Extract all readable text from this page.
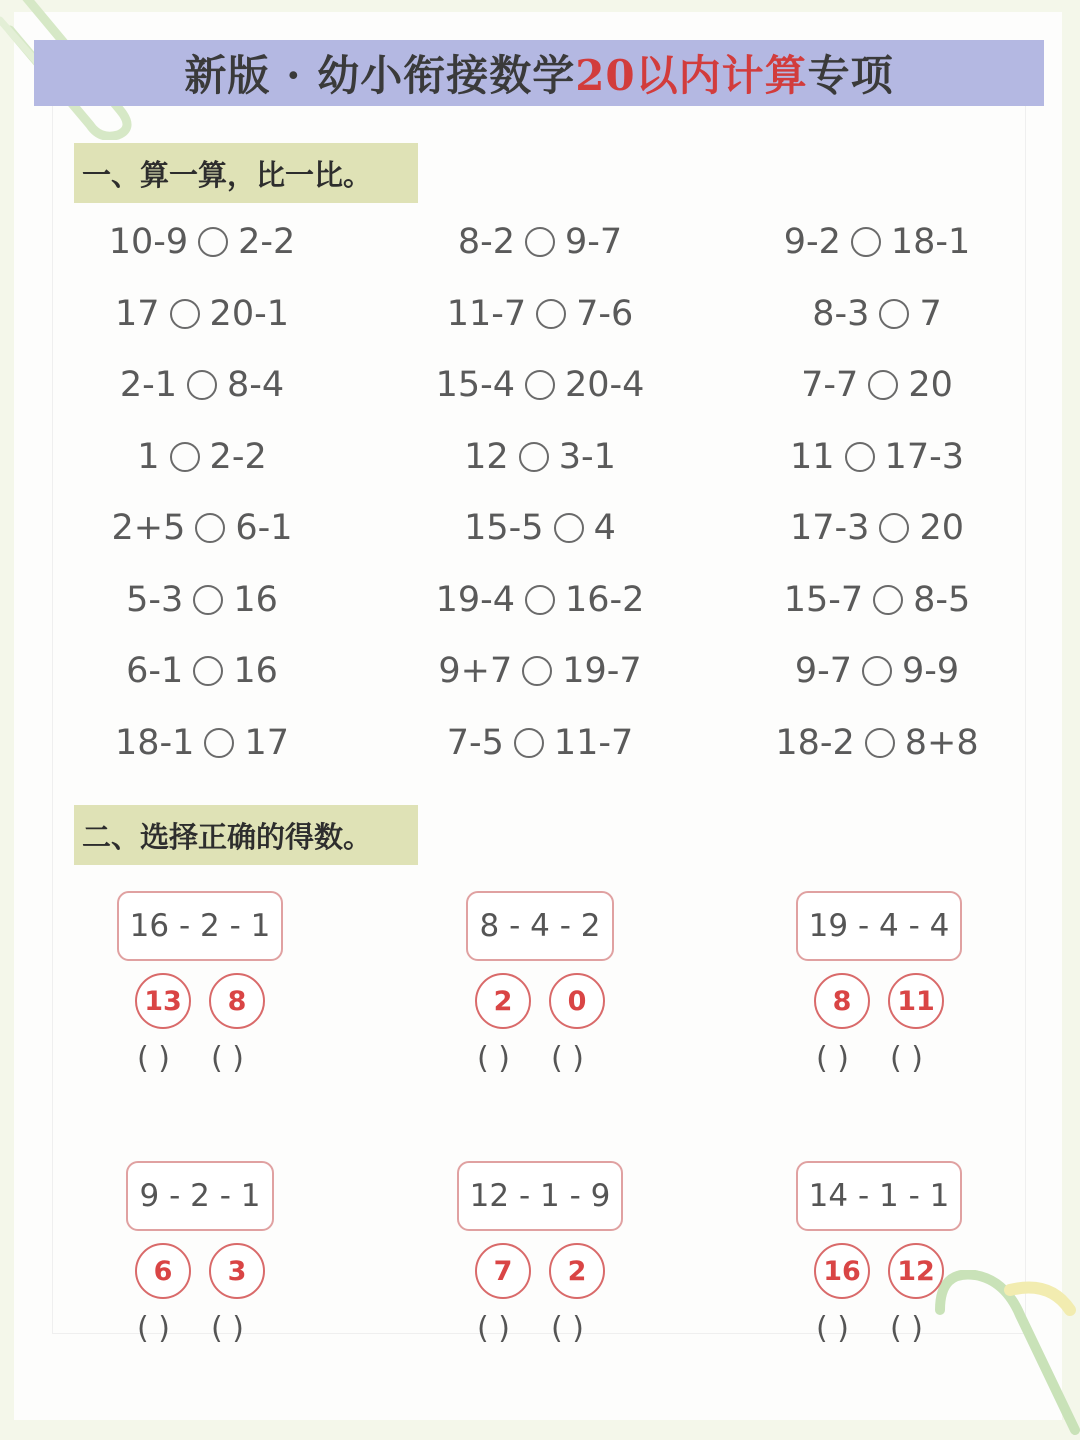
新版 · 幼小衔接数学 20以内计算 专项
一、算一算，比一比。
10-9 2-2	8-2 9-7	9-2 18-1
17 20-1	11-7 7-6	8-3 7
2-1 8-4	15-4 20-4	7-7 20
1 2-2	12 3-1	11 17-3
2+5 6-1	15-5 4	17-3 20
5-3 16	19-4 16-2	15-7 8-5
6-1 16	9+7 19-7	9-7 9-9
18-1 17	7-5 11-7	18-2 8+8
二、选择正确的得数。
16 - 2 - 1
13
( )
8
( )
8 - 4 - 2
2
( )
0
( )
19 - 4 - 4
8
( )
11
( )
9 - 2 - 1
6
( )
3
( )
12 - 1 - 9
7
( )
2
( )
14 - 1 - 1
16
( )
12
( )
